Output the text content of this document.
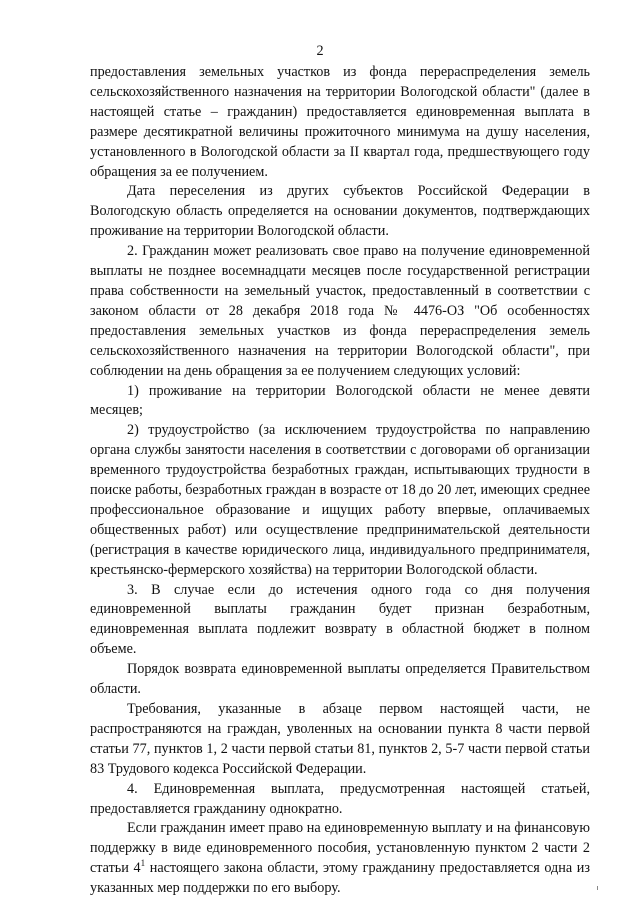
2

предоставления земельных участков из фонда перераспределения земель сельскохозяйственного назначения на территории Вологодской области" (далее в настоящей статье – гражданин) предоставляется единовременная выплата в размере десятикратной величины прожиточного минимума на душу населения, установленного в Вологодской области за II квартал года, предшествующего году обращения за ее получением.

Дата переселения из других субъектов Российской Федерации в Вологодскую область определяется на основании документов, подтверждающих проживание на территории Вологодской области.

2. Гражданин может реализовать свое право на получение единовременной выплаты не позднее восемнадцати месяцев после государственной регистрации права собственности на земельный участок, предоставленный в соответствии с законом области от 28 декабря 2018 года № 4476-ОЗ "Об особенностях предоставления земельных участков из фонда перераспределения земель сельскохозяйственного назначения на территории Вологодской области", при соблюдении на день обращения за ее получением следующих условий:

1) проживание на территории Вологодской области не менее девяти месяцев;

2) трудоустройство (за исключением трудоустройства по направлению органа службы занятости населения в соответствии с договорами об организации временного трудоустройства безработных граждан, испытывающих трудности в поиске работы, безработных граждан в возрасте от 18 до 20 лет, имеющих среднее профессиональное образование и ищущих работу впервые, оплачиваемых общественных работ) или осуществление предпринимательской деятельности (регистрация в качестве юридического лица, индивидуального предпринимателя, крестьянско-фермерского хозяйства) на территории Вологодской области.

3. В случае если до истечения одного года со дня получения единовременной выплаты гражданин будет признан безработным, единовременная выплата подлежит возврату в областной бюджет в полном объеме.

Порядок возврата единовременной выплаты определяется Правительством области.

Требования, указанные в абзаце первом настоящей части, не распространяются на граждан, уволенных на основании пункта 8 части первой статьи 77, пунктов 1, 2 части первой статьи 81, пунктов 2, 5-7 части первой статьи 83 Трудового кодекса Российской Федерации.

4. Единовременная выплата, предусмотренная настоящей статьей, предоставляется гражданину однократно.

Если гражданин имеет право на единовременную выплату и на финансовую поддержку в виде единовременного пособия, установленную пунктом 2 части 2 статьи $4^1$ настоящего закона области, этому гражданину предоставляется одна из указанных мер поддержки по его выбору.
